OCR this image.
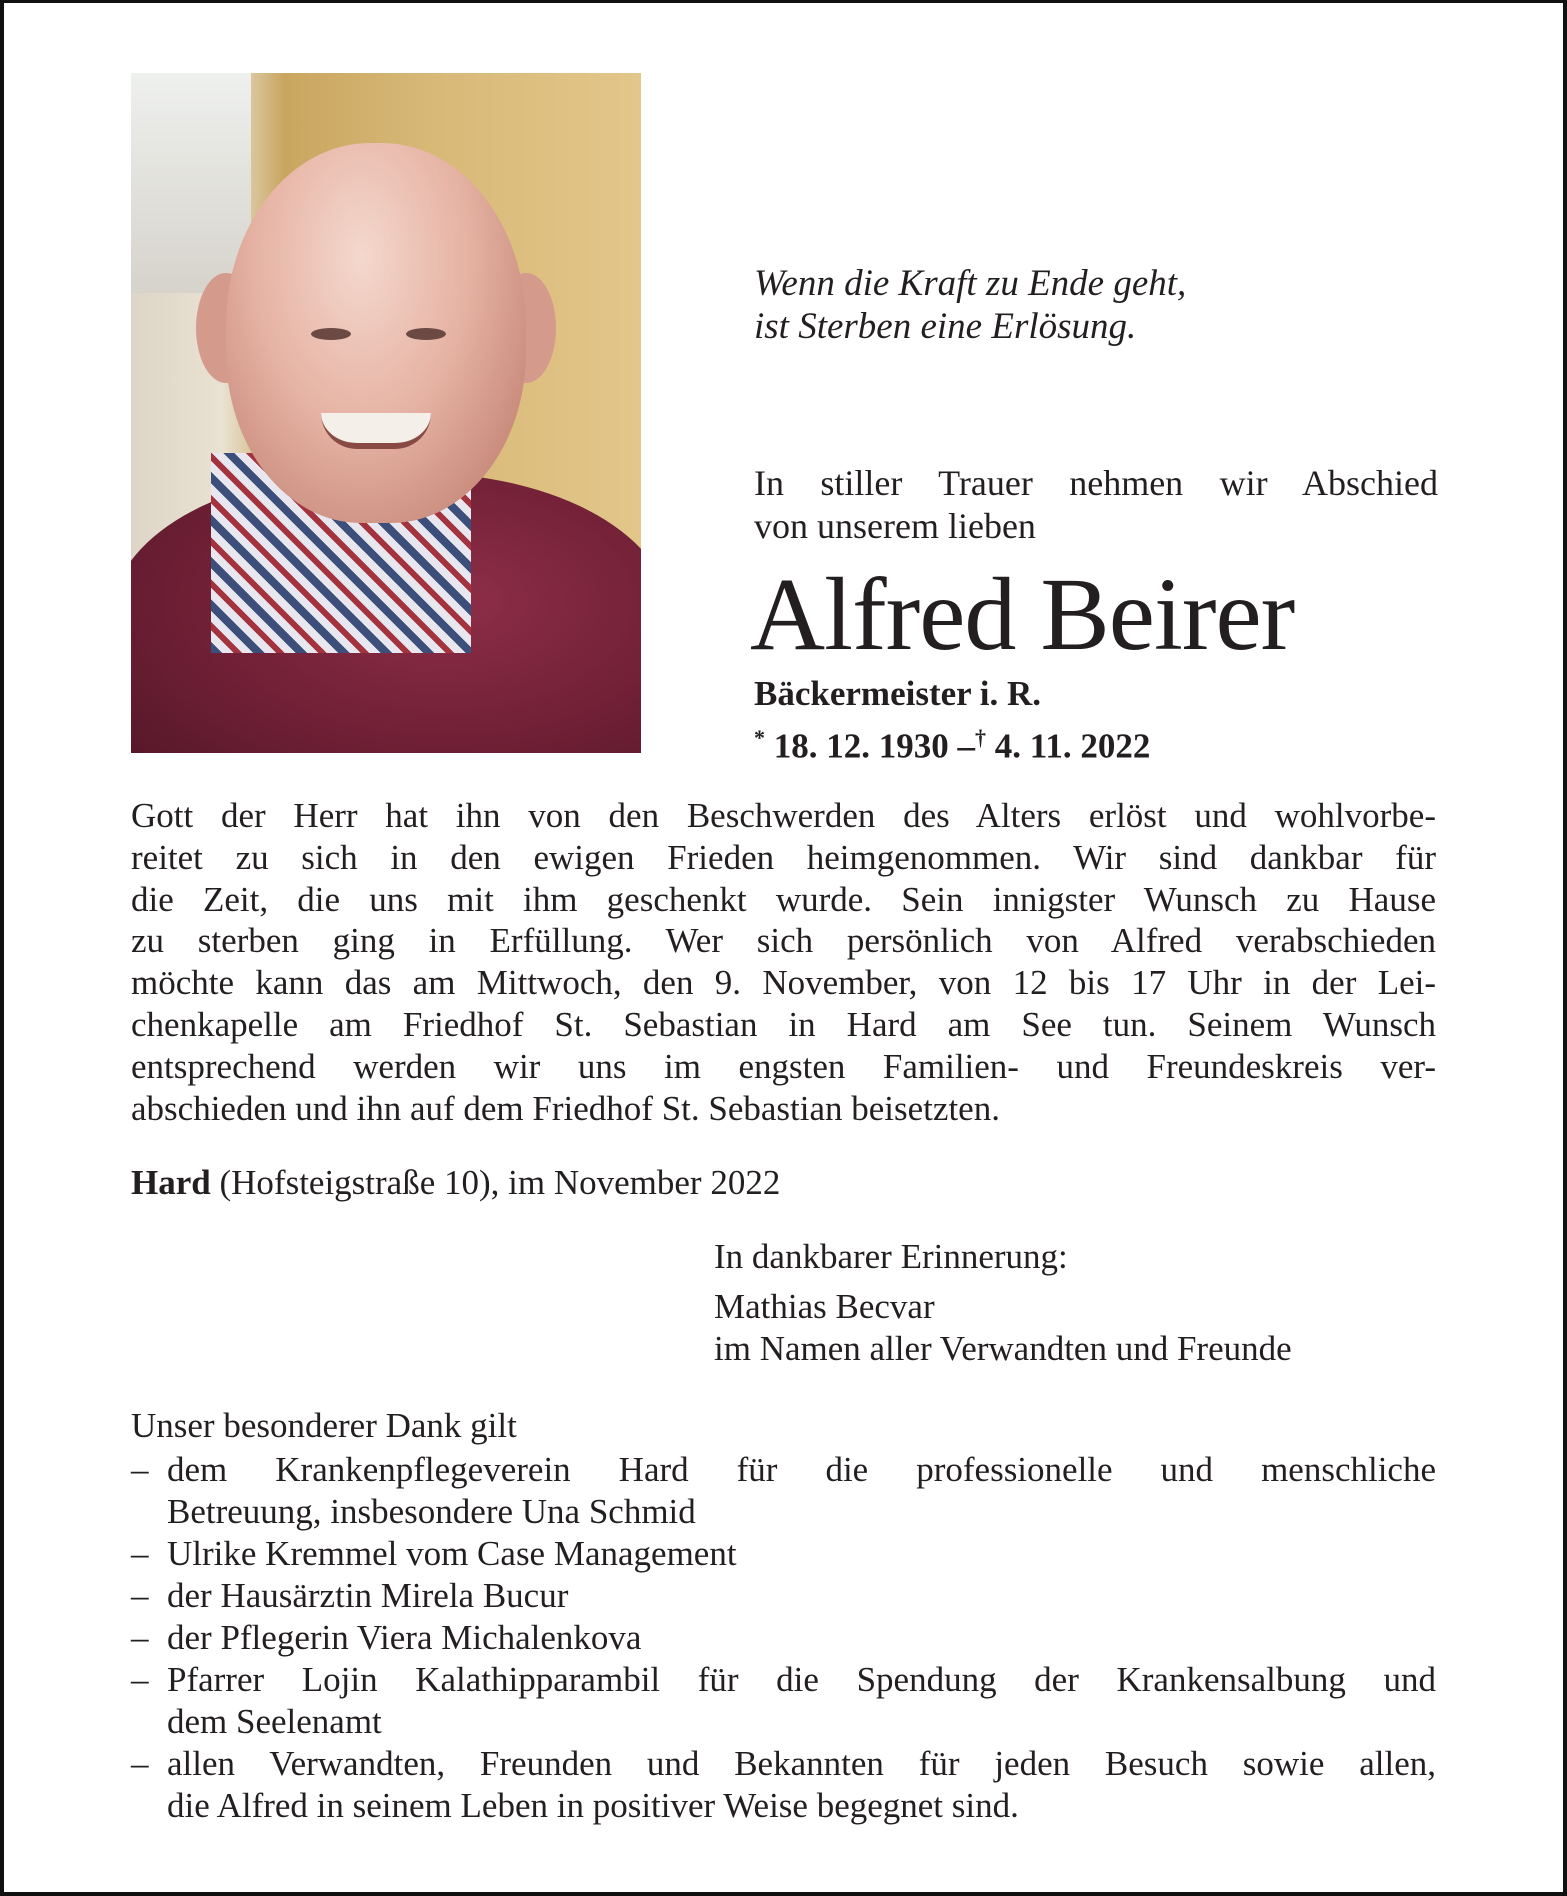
Wenn die Kraft zu Ende geht,
ist Sterben eine Erlösung.
In stiller Trauer nehmen wir Abschied
von unserem lieben
Alfred Beirer
Bäckermeister i. R.
* 18. 12. 1930 –† 4. 11. 2022
Gott der Herr hat ihn von den Beschwerden des Alters erlöst und wohlvorbe-
reitet zu sich in den ewigen Frieden heimgenommen. Wir sind dankbar für
die Zeit, die uns mit ihm geschenkt wurde. Sein innigster Wunsch zu Hause
zu sterben ging in Erfüllung. Wer sich persönlich von Alfred verabschieden
möchte kann das am Mittwoch, den 9. November, von 12 bis 17 Uhr in der Lei-
chenkapelle am Friedhof St. Sebastian in Hard am See tun. Seinem Wunsch
entsprechend werden wir uns im engsten Familien- und Freundeskreis ver-
abschieden und ihn auf dem Friedhof St. Sebastian beisetzten.
Hard (Hofsteigstraße 10), im November 2022
In dankbarer Erinnerung:
Mathias Becvar
im Namen aller Verwandten und Freunde
Unser besonderer Dank gilt
– dem Krankenpflegeverein Hard für die professionelle und menschliche
Betreuung, insbesondere Una Schmid
– Ulrike Kremmel vom Case Management
– der Hausärztin Mirela Bucur
– der Pflegerin Viera Michalenkova
– Pfarrer Lojin Kalathipparambil für die Spendung der Krankensalbung und
dem Seelenamt
– allen Verwandten, Freunden und Bekannten für jeden Besuch sowie allen,
die Alfred in seinem Leben in positiver Weise begegnet sind.
